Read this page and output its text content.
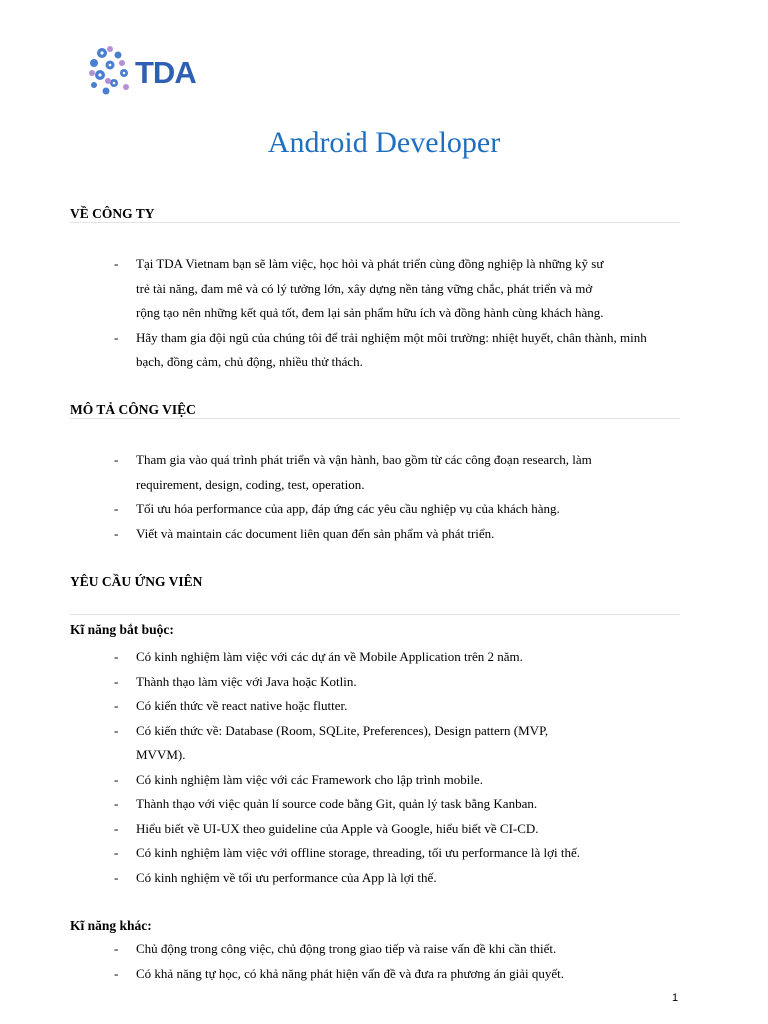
TDA
Android Developer
VỀ CÔNG TY
- Tại TDA Vietnam bạn sẽ làm việc, học hỏi và phát triển cùng đồng nghiệp là những kỹ sư
trẻ tài năng, đam mê và có lý tưởng lớn, xây dựng nền tảng vững chắc, phát triển và mở
rộng tạo nên những kết quả tốt, đem lại sản phẩm hữu ích và đồng hành cùng khách hàng.
- Hãy tham gia đội ngũ của chúng tôi để trải nghiệm một môi trường: nhiệt huyết, chân thành, minh
bạch, đồng cảm, chủ động, nhiều thử thách.
MÔ TẢ CÔNG VIỆC
- Tham gia vào quá trình phát triển và vận hành, bao gồm từ các công đoạn research, làm
requirement, design, coding, test, operation.
- Tối ưu hóa performance của app, đáp ứng các yêu cầu nghiệp vụ của khách hàng.
- Viết và maintain các document liên quan đến sản phẩm và phát triển.
YÊU CẦU ỨNG VIÊN
Kĩ năng bắt buộc:
- Có kinh nghiệm làm việc với các dự án về Mobile Application trên 2 năm.
- Thành thạo làm việc với Java hoặc Kotlin.
- Có kiến thức về react native hoặc flutter.
- Có kiến thức về: Database (Room, SQLite, Preferences), Design pattern (MVP,
MVVM).
- Có kinh nghiệm làm việc với các Framework cho lập trình mobile.
- Thành thạo với việc quản lí source code bằng Git, quản lý task bằng Kanban.
- Hiểu biết về UI-UX theo guideline của Apple và Google, hiểu biết về CI-CD.
- Có kinh nghiệm làm việc với offline storage, threading, tối ưu performance là lợi thế.
- Có kinh nghiệm về tối ưu performance của App là lợi thế.
Kĩ năng khác:
- Chủ động trong công việc, chủ động trong giao tiếp và raise vấn đề khi cần thiết.
- Có khả năng tự học, có khả năng phát hiện vấn đề và đưa ra phương án giải quyết.
1
